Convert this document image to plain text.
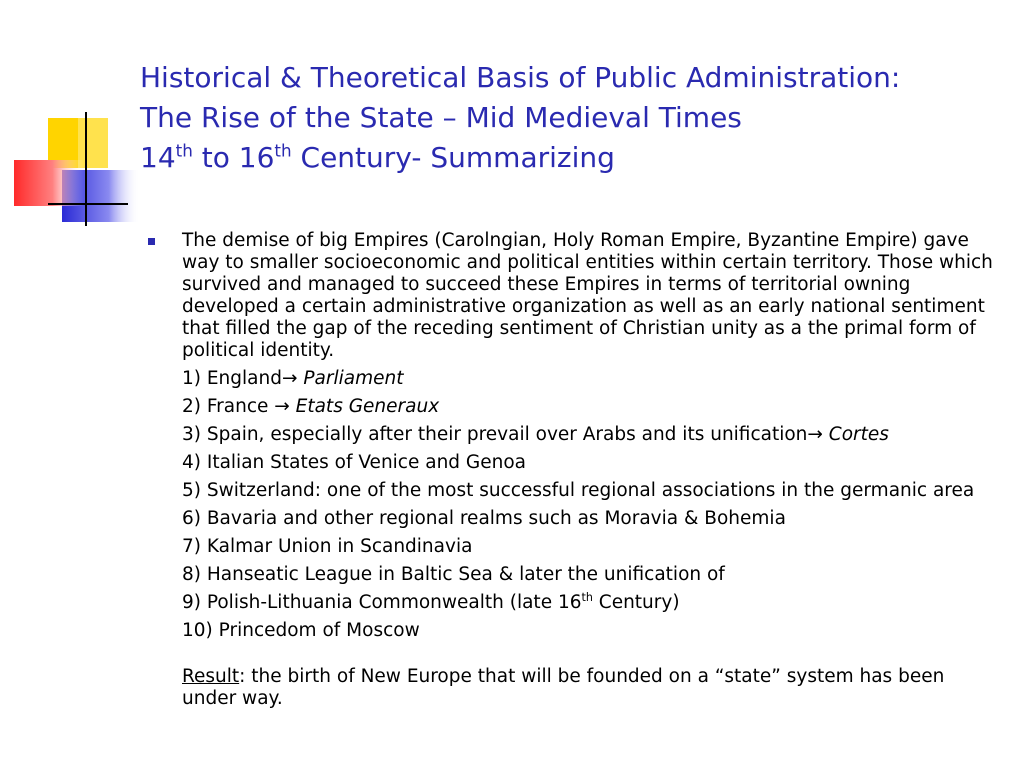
Historical & Theoretical Basis of Public Administration:
The Rise of the State – Mid Medieval Times
14th to 16th Century- Summarizing

The demise of big Empires (Carolngian, Holy Roman Empire, Byzantine Empire) gave way to smaller socioeconomic and political entities within certain territory. Those which survived and managed to succeed these Empires in terms of territorial owning developed a certain administrative organization as well as an early national sentiment that filled the gap of the receding sentiment of Christian unity as a the primal form of political identity.

1) England→ Parliament
2) France → Etats Generaux
3) Spain, especially after their prevail over Arabs and its unification→ Cortes
4) Italian States of Venice and Genoa
5) Switzerland: one of the most successful regional associations in the germanic area
6) Bavaria and other regional realms such as Moravia & Bohemia
7) Kalmar Union in Scandinavia
8) Hanseatic League in Baltic Sea & later the unification of
9) Polish-Lithuania Commonwealth (late 16th Century)
10) Princedom of Moscow
Result: the birth of New Europe that will be founded on a “state” system has been under way.
